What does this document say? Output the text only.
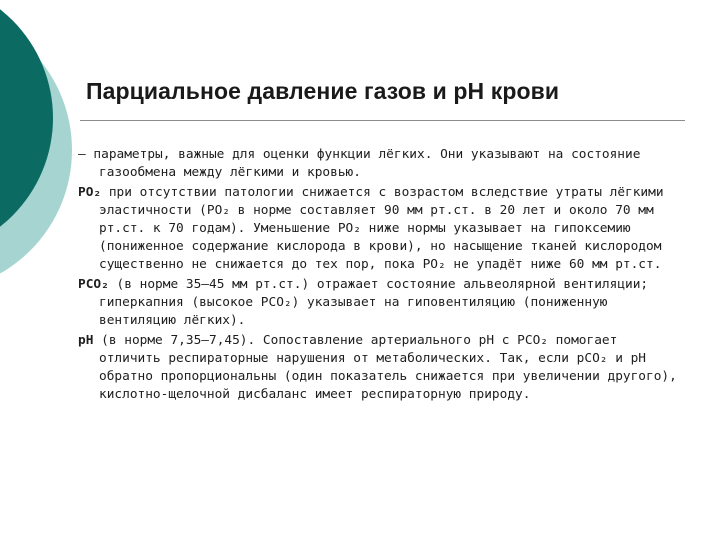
Парциальное давление газов и pH крови

— параметры, важные для оценки функции лёгких. Они указывают на состояние газообмена между лёгкими и кровью.

PO₂ при отсутствии патологии снижается с возрастом вследствие утраты лёгкими эластичности (PO₂ в норме составляет 90 мм рт.ст. в 20 лет и около 70 мм рт.ст. к 70 годам). Уменьшение PO₂ ниже нормы указывает на гипоксемию (пониженное содержание кислорода в крови), но насыщение тканей кислородом существенно не снижается до тех пор, пока PO₂ не упадёт ниже 60 мм рт.ст.

PCO₂ (в норме 35–45 мм рт.ст.) отражает состояние альвеолярной вентиляции; гиперкапния (высокое PCO₂) указывает на гиповентиляцию (пониженную вентиляцию лёгких).

pH (в норме 7,35—7,45). Сопоставление артериального pH с PCO₂ помогает отличить респираторные нарушения от метаболических. Так, если pCO₂ и pH обратно пропорциональны (один показатель снижается при увеличении другого), кислотно-щелочной дисбаланс имеет респираторную природу.
